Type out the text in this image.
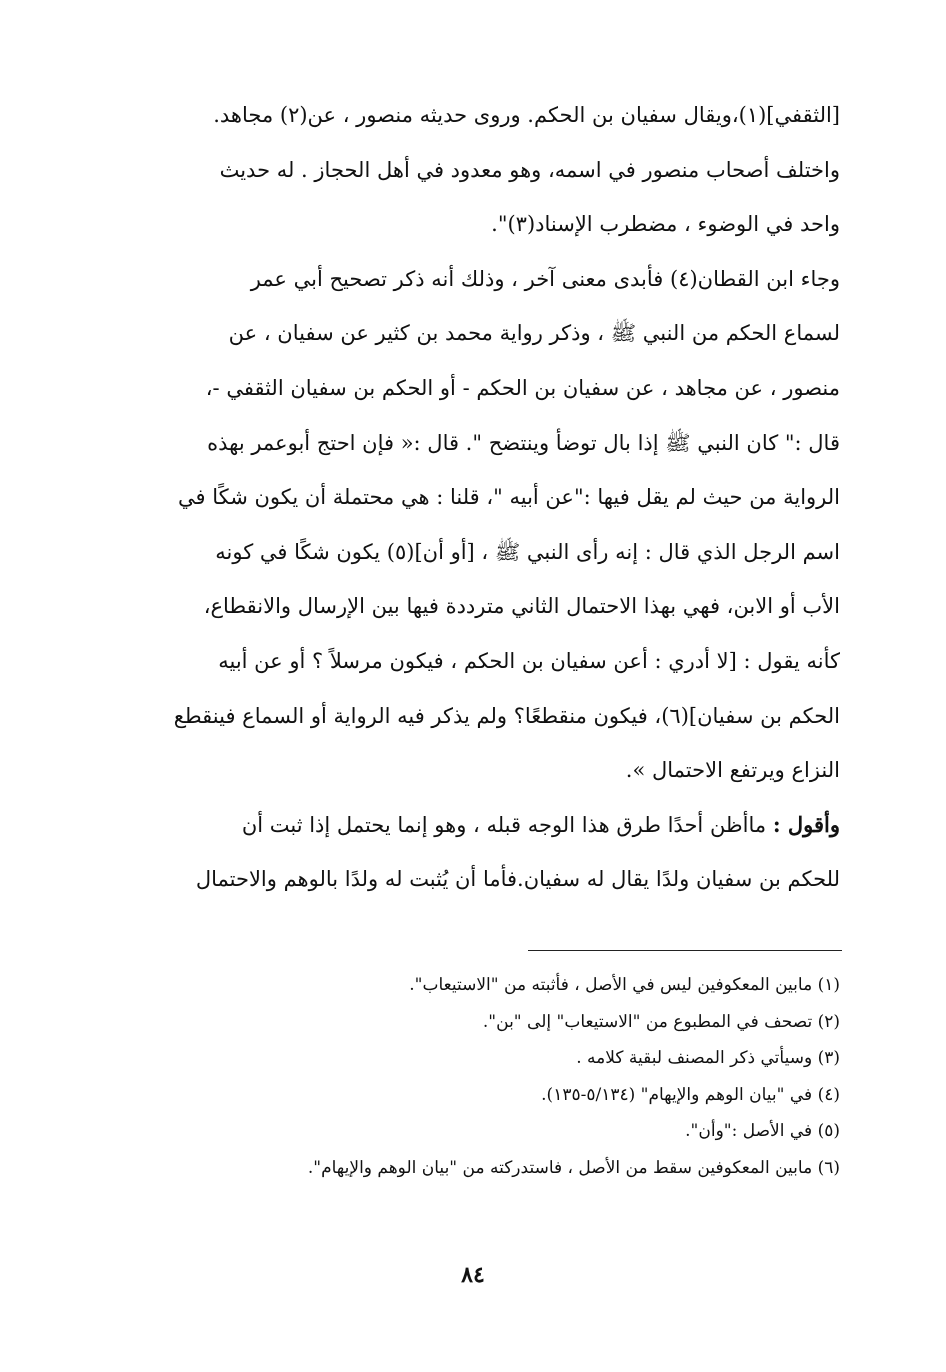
[الثقفي](١)،ويقال سفيان بن الحكم. وروى حديثه منصور ، عن(٢) مجاهد.
واختلف أصحاب منصور في اسمه، وهو معدود في أهل الحجاز . له حديث
واحد في الوضوء ، مضطرب الإسناد(٣)".
وجاء ابن القطان(٤) فأبدى معنى آخر ، وذلك أنه ذكر تصحيح أبي عمر
لسماع الحكم من النبي ﷺ ، وذكر رواية محمد بن كثير عن سفيان ، عن
منصور ، عن مجاهد ، عن سفيان بن الحكم - أو الحكم بن سفيان الثقفي -،
قال :" كان النبي ﷺ إذا بال توضأ وينتضح ". قال :« فإن احتج أبوعمر بهذه
الرواية من حيث لم يقل فيها :"عن أبيه "، قلنا : هي محتملة أن يكون شكًا في
اسم الرجل الذي قال : إنه رأى النبي ﷺ ، [أو أن](٥) يكون شكًا في كونه
الأب أو الابن، فهي بهذا الاحتمال الثاني مترددة فيها بين الإرسال والانقطاع،
كأنه يقول : [لا أدري : أعن سفيان بن الحكم ، فيكون مرسلاً ؟ أو عن أبيه
الحكم بن سفيان](٦)، فيكون منقطعًا؟ ولم يذكر فيه الرواية أو السماع فينقطع
النزاع ويرتفع الاحتمال ».
وأقول : ماأظن أحدًا طرق هذا الوجه قبله ، وهو إنما يحتمل إذا ثبت أن
للحكم بن سفيان ولدًا يقال له سفيان.فأما أن يُثبت له ولدًا بالوهم والاحتمال
(١) مابين المعكوفين ليس في الأصل ، فأثبته من "الاستيعاب".
(٢) تصحف في المطبوع من "الاستيعاب" إلى "بن".
(٣) وسيأتي ذكر المصنف لبقية كلامه .
(٤) في "بيان الوهم والإيهام" (٥/١٣٤-١٣٥).
(٥) في الأصل :"وأن".
(٦) مابين المعكوفين سقط من الأصل ، فاستدركته من "بيان الوهم والإيهام".
٨٤
